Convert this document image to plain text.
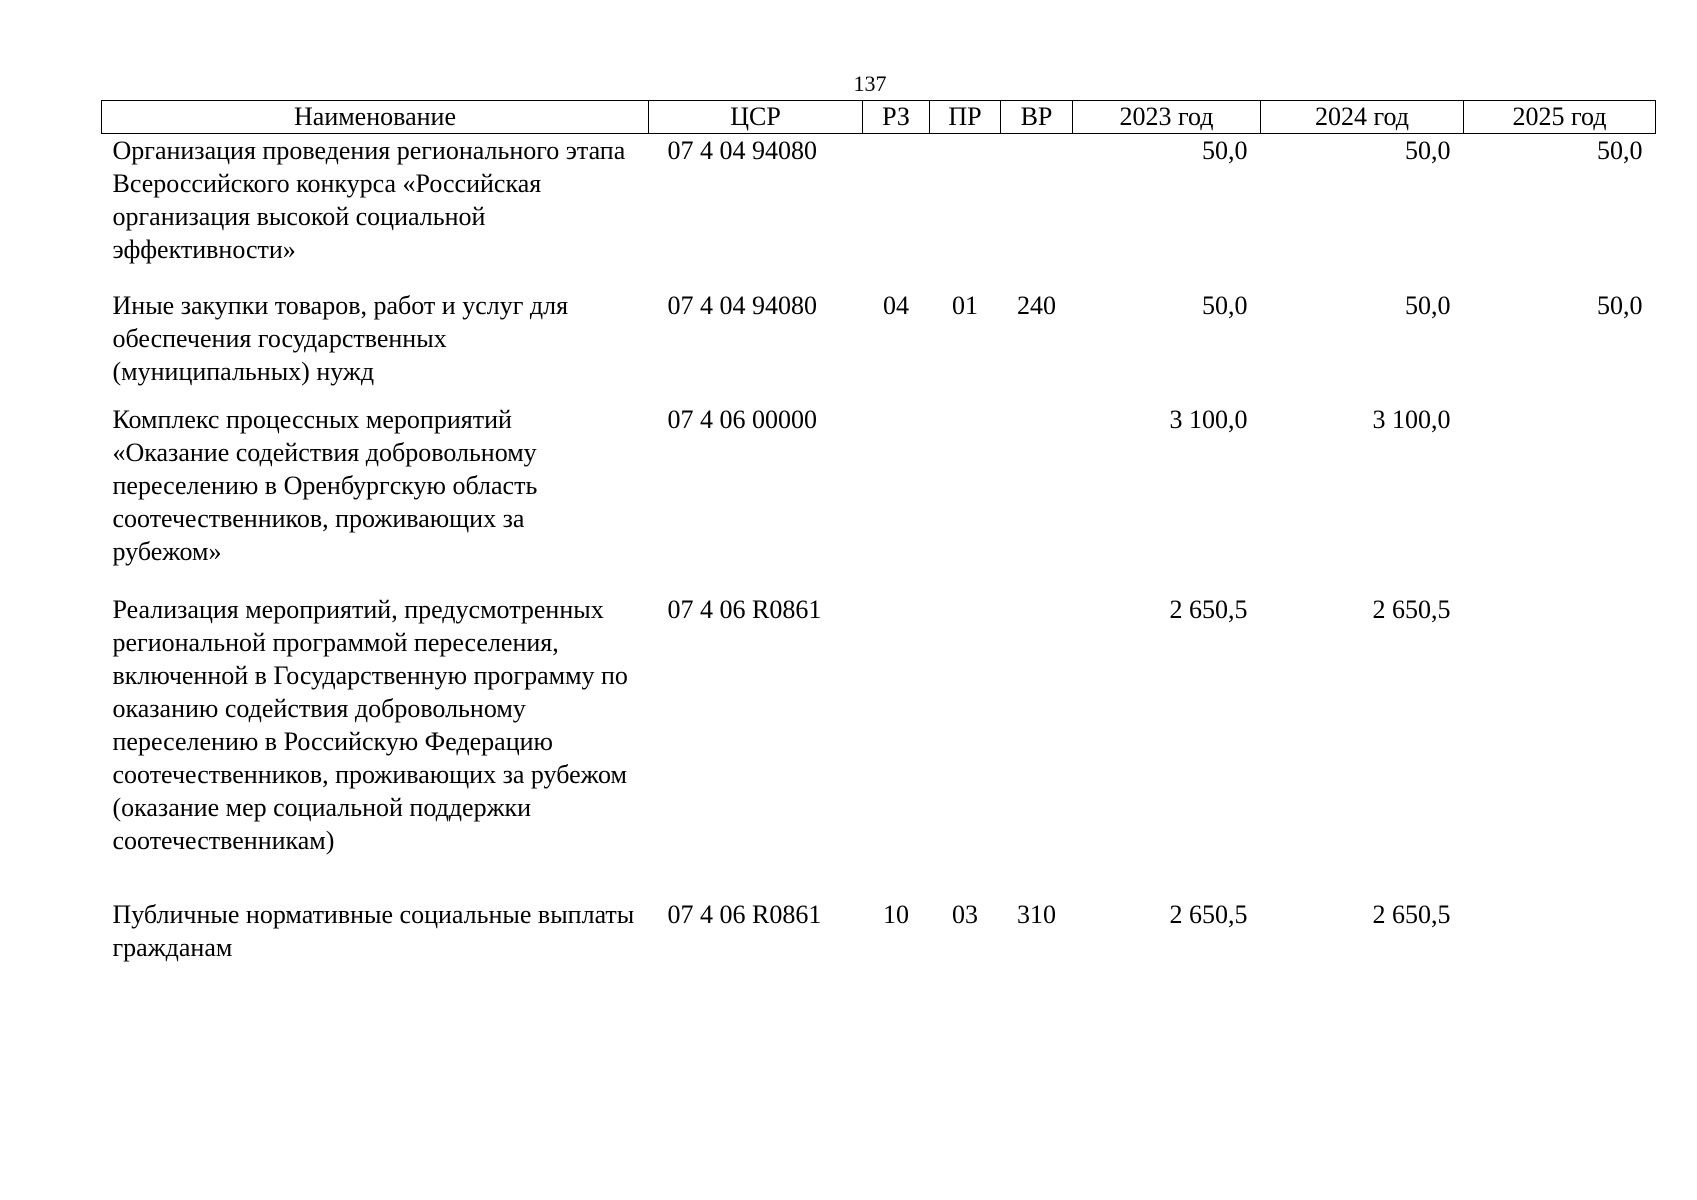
137
Наименование	ЦСР	РЗ	ПР	ВР	2023 год	2024 год	2025 год
Организация проведения регионального этапа Всероссийского конкурса «Российская организация высокой социальной эффективности»	07 4 04 94080				50,0	50,0	50,0
Иные закупки товаров, работ и услуг для обеспечения государственных (муниципальных) нужд	07 4 04 94080	04	01	240	50,0	50,0	50,0
Комплекс процессных мероприятий «Оказание содействия добровольному переселению в Оренбургскую область соотечественников, проживающих за рубежом»	07 4 06 00000				3 100,0	3 100,0	
Реализация мероприятий, предусмотренных региональной программой переселения, включенной в Государственную программу по оказанию содействия добровольному переселению в Российскую Федерацию соотечественников, проживающих за рубежом (оказание мер социальной поддержки соотечественникам)	07 4 06 R0861				2 650,5	2 650,5	
Публичные нормативные социальные выплаты гражданам	07 4 06 R0861	10	03	310	2 650,5	2 650,5	
